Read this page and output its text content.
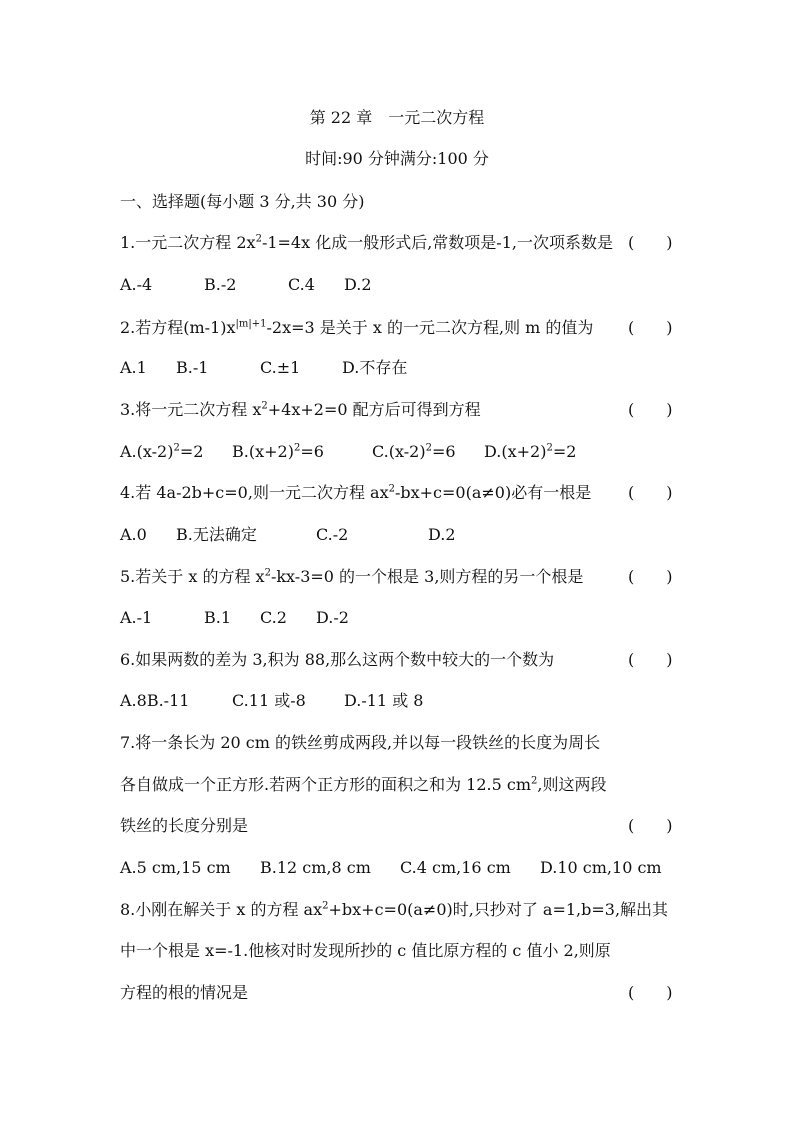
第 22 章　一元二次方程
时间:90 分钟满分:100 分
一、选择题(每小题 3 分,共 30 分)
1.一元二次方程 $2x^2-1=4x$ 化成一般形式后,常数项是-1,一次项系数是 (　　)
A.-4	B.-2	C.4 D.2
2.若方程$(m-1)x^{|m|+1}-2x=3$ 是关于 x 的一元二次方程,则 m 的值为 (　　)
A.1 B.-1	C.±1	D.不存在
3.将一元二次方程 $x^2+4x+2=0$ 配方后可得到方程	(　　)
$A.(x-2)^2=2$ $B.(x+2)^2=6$	$C.(x-2)^2=6$ $D.(x+2)^2=2$
4.若 4a-2b+c=0,则一元二次方程 $ax^2-bx+c=0(a\ne 0)$必有一根是 (　　)
A.0 B.无法确定	C.-2	D.2
5.若关于 x 的方程 $x^2-kx-3=0$ 的一个根是 3,则方程的另一个根是	(　　)
A.-1	B.1 C.2 D.-2
6.如果两数的差为 3,积为 88,那么这两个数中较大的一个数为	(　　)
A.8B.-11	C.11 或-8 D.-11 或 8
7.将一条长为 20 cm 的铁丝剪成两段,并以每一段铁丝的长度为周长
各自做成一个正方形.若两个正方形的面积之和为 12.5 $cm^2$,则这两段
铁丝的长度分别是	(　　)
A.5 cm,15 cm B.12 cm,8 cm C.4 cm,16 cm D.10 cm,10 cm
8.小刚在解关于 x 的方程 $ax^2+bx+c=0(a\ne 0)$时,只抄对了 a=1,b=3,解出其
中一个根是 x=-1.他核对时发现所抄的 c 值比原方程的 c 值小 2,则原
方程的根的情况是	(　　)
